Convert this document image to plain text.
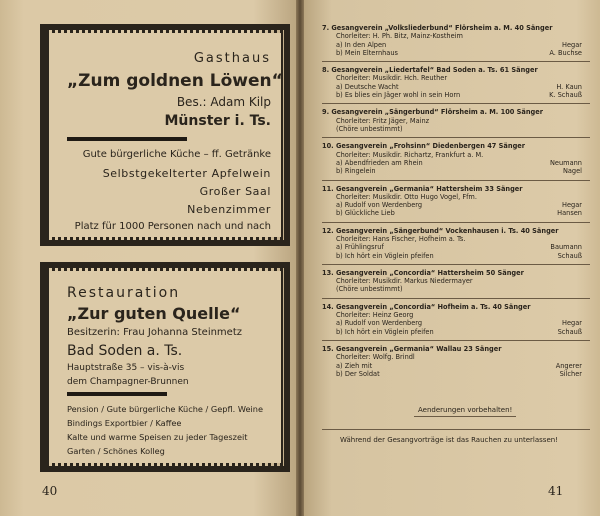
Gasthaus
„Zum goldnen Löwen“
Bes.: Adam Kilp
Münster i. Ts.
Gute bürgerliche Küche – ff. Getränke
Selbstgekelterter Apfelwein
Großer Saal
Nebenzimmer
Platz für 1000 Personen nach und nach
Restauration
„Zur guten Quelle“
Besitzerin: Frau Johanna Steinmetz
Bad Soden a. Ts.
Hauptstraße 35 – vis-à-vis
dem Champagner-Brunnen
Pension / Gute bürgerliche Küche / Gepfl. Weine
Bindings Exportbier / Kaffee
Kalte und warme Speisen zu jeder Tageszeit
Garten / Schönes Kolleg
40
7. Gesangverein „Volksliederbund“ Flörsheim a. M. 40 Sänger
Chorleiter: H. Ph. Bitz, Mainz-Kostheim
a) In den Alpen	Hegar
b) Mein Elternhaus	A. Buchse
8. Gesangverein „Liedertafel“ Bad Soden a. Ts. 61 Sänger
Chorleiter: Musikdir. Hch. Reuther
a) Deutsche Wacht	H. Kaun
b) Es blies ein Jäger wohl in sein Horn	K. Schauß
9. Gesangverein „Sängerbund“ Flörsheim a. M. 100 Sänger
Chorleiter: Fritz Jäger, Mainz
(Chöre unbestimmt)
10. Gesangverein „Frohsinn“ Diedenbergen 47 Sänger
Chorleiter: Musikdir. Richartz, Frankfurt a. M.
a) Abendfrieden am Rhein	Neumann
b) Ringelein	Nagel
11. Gesangverein „Germania“ Hattersheim 33 Sänger
Chorleiter: Musikdir. Otto Hugo Vogel, Ffm.
a) Rudolf von Werdenberg	Hegar
b) Glückliche Lieb	Hansen
12. Gesangverein „Sängerbund“ Vockenhausen i. Ts. 40 Sänger
Chorleiter: Hans Fischer, Hofheim a. Ts.
a) Frühlingsruf	Baumann
b) Ich hört ein Vöglein pfeifen	Schauß
13. Gesangverein „Concordia“ Hattersheim 50 Sänger
Chorleiter: Musikdir. Markus Niedermayer
(Chöre unbestimmt)
14. Gesangverein „Concordia“ Hofheim a. Ts. 40 Sänger
Chorleiter: Heinz Georg
a) Rudolf von Werdenberg	Hegar
b) Ich hört ein Vöglein pfeifen	Schauß
15. Gesangverein „Germania“ Wallau 23 Sänger
Chorleiter: Wolfg. Brindl
a) Zieh mit	Angerer
b) Der Soldat	Silcher
Aenderungen vorbehalten!
Während der Gesangvorträge ist das Rauchen zu unterlassen!
41
